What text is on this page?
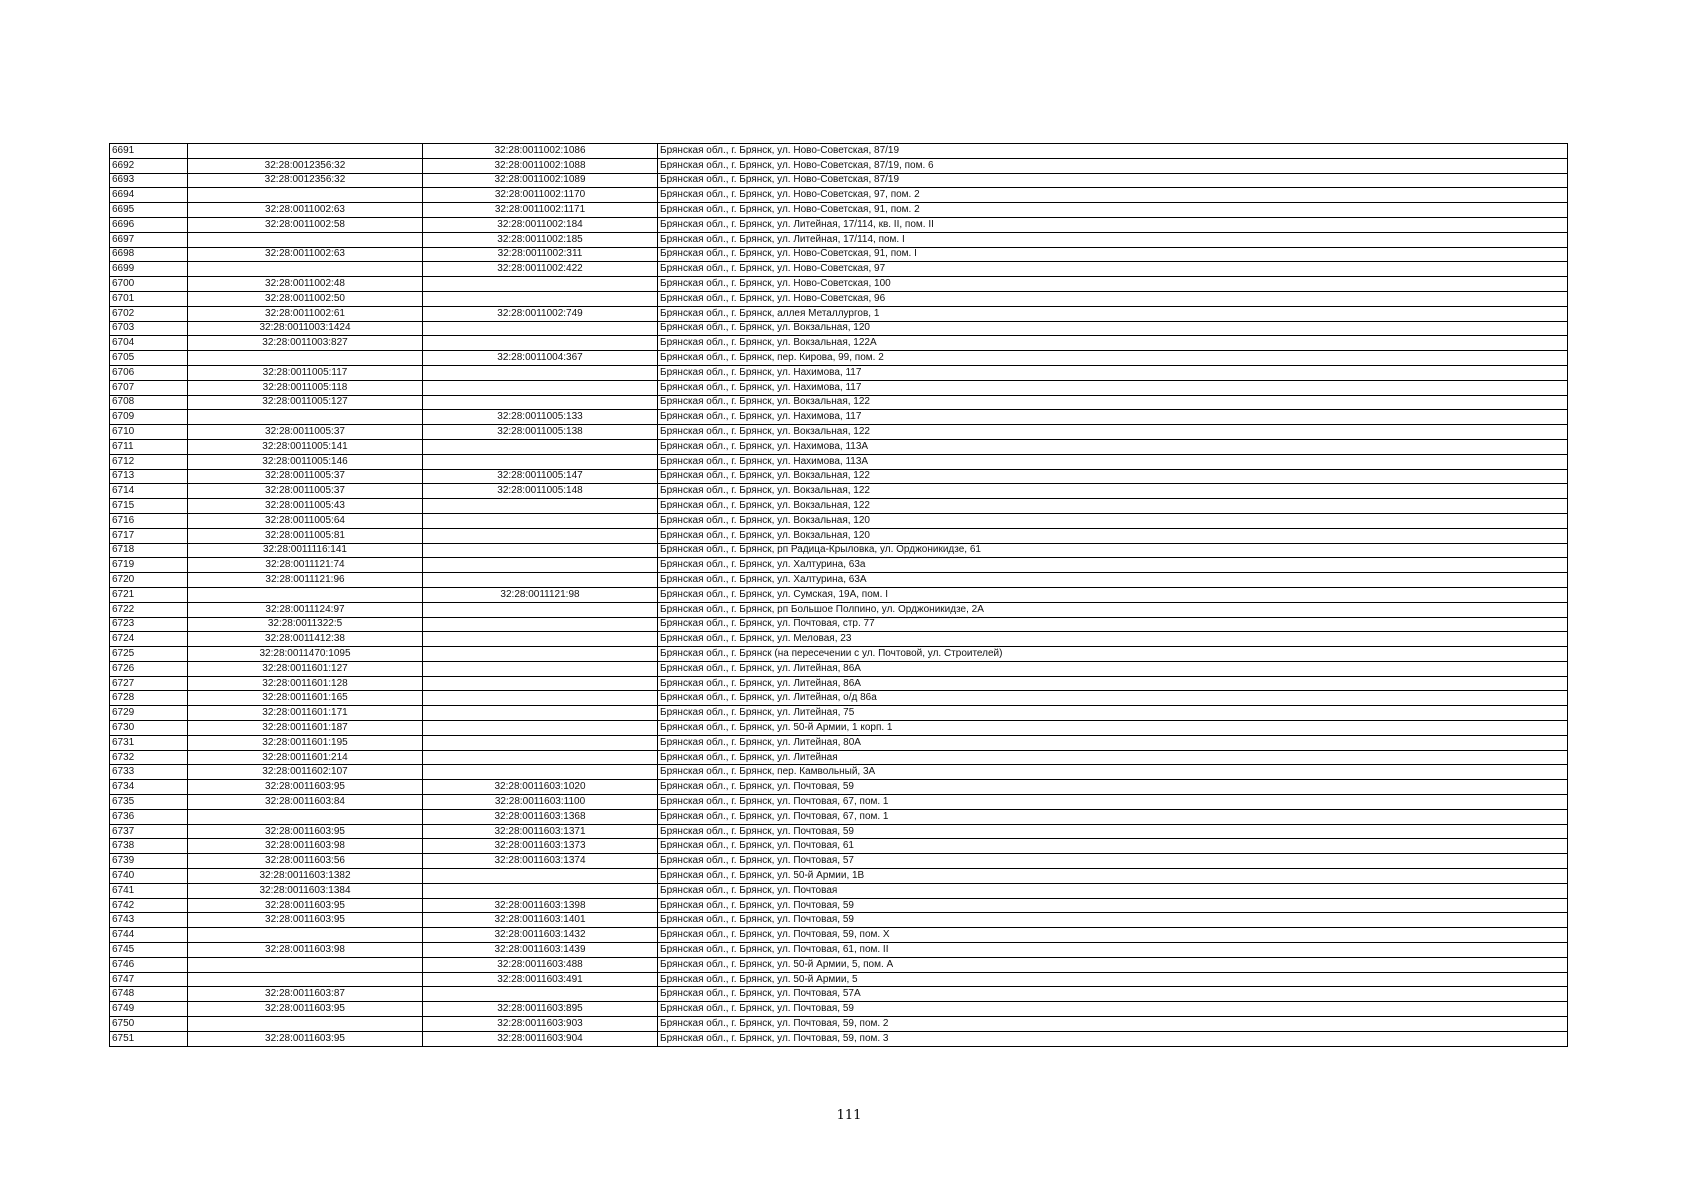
6691		32:28:0011002:1086	Брянская обл., г. Брянск, ул. Ново-Советская, 87/19
6692	32:28:0012356:32	32:28:0011002:1088	Брянская обл., г. Брянск, ул. Ново-Советская, 87/19, пом. 6
6693	32:28:0012356:32	32:28:0011002:1089	Брянская обл., г. Брянск, ул. Ново-Советская, 87/19
6694		32:28:0011002:1170	Брянская обл., г. Брянск, ул. Ново-Советская, 97, пом. 2
6695	32:28:0011002:63	32:28:0011002:1171	Брянская обл., г. Брянск, ул. Ново-Советская, 91, пом. 2
6696	32:28:0011002:58	32:28:0011002:184	Брянская обл., г. Брянск, ул. Литейная, 17/114, кв. II, пом. II
6697		32:28:0011002:185	Брянская обл., г. Брянск, ул. Литейная, 17/114, пом. I
6698	32:28:0011002:63	32:28:0011002:311	Брянская обл., г. Брянск, ул. Ново-Советская, 91, пом. I
6699		32:28:0011002:422	Брянская обл., г. Брянск, ул. Ново-Советская, 97
6700	32:28:0011002:48		Брянская обл., г. Брянск, ул. Ново-Советская, 100
6701	32:28:0011002:50		Брянская обл., г. Брянск, ул. Ново-Советская, 96
6702	32:28:0011002:61	32:28:0011002:749	Брянская обл., г. Брянск, аллея Металлургов, 1
6703	32:28:0011003:1424		Брянская обл., г. Брянск, ул. Вокзальная, 120
6704	32:28:0011003:827		Брянская обл., г. Брянск, ул. Вокзальная, 122А
6705		32:28:0011004:367	Брянская обл., г. Брянск, пер. Кирова, 99, пом. 2
6706	32:28:0011005:117		Брянская обл., г. Брянск, ул. Нахимова, 117
6707	32:28:0011005:118		Брянская обл., г. Брянск, ул. Нахимова, 117
6708	32:28:0011005:127		Брянская обл., г. Брянск, ул. Вокзальная, 122
6709		32:28:0011005:133	Брянская обл., г. Брянск, ул. Нахимова, 117
6710	32:28:0011005:37	32:28:0011005:138	Брянская обл., г. Брянск, ул. Вокзальная, 122
6711	32:28:0011005:141		Брянская обл., г. Брянск, ул. Нахимова, 113А
6712	32:28:0011005:146		Брянская обл., г. Брянск, ул. Нахимова, 113А
6713	32:28:0011005:37	32:28:0011005:147	Брянская обл., г. Брянск, ул. Вокзальная, 122
6714	32:28:0011005:37	32:28:0011005:148	Брянская обл., г. Брянск, ул. Вокзальная, 122
6715	32:28:0011005:43		Брянская обл., г. Брянск, ул. Вокзальная, 122
6716	32:28:0011005:64		Брянская обл., г. Брянск, ул. Вокзальная, 120
6717	32:28:0011005:81		Брянская обл., г. Брянск, ул. Вокзальная, 120
6718	32:28:0011116:141		Брянская обл., г. Брянск, рп Радица-Крыловка, ул. Орджоникидзе, 61
6719	32:28:0011121:74		Брянская обл., г. Брянск, ул. Халтурина, 63а
6720	32:28:0011121:96		Брянская обл., г. Брянск, ул. Халтурина, 63А
6721		32:28:0011121:98	Брянская обл., г. Брянск, ул. Сумская, 19А, пом. I
6722	32:28:0011124:97		Брянская обл., г. Брянск, рп Большое Полпино, ул. Орджоникидзе, 2А
6723	32:28:0011322:5		Брянская обл., г. Брянск, ул. Почтовая, стр. 77
6724	32:28:0011412:38		Брянская обл., г. Брянск, ул. Меловая, 23
6725	32:28:0011470:1095		Брянская обл., г. Брянск (на пересечении с ул. Почтовой, ул. Строителей)
6726	32:28:0011601:127		Брянская обл., г. Брянск, ул. Литейная, 86А
6727	32:28:0011601:128		Брянская обл., г. Брянск, ул. Литейная, 86А
6728	32:28:0011601:165		Брянская обл., г. Брянск, ул. Литейная, о/д 86а
6729	32:28:0011601:171		Брянская обл., г. Брянск, ул. Литейная, 75
6730	32:28:0011601:187		Брянская обл., г. Брянск, ул. 50-й Армии, 1 корп. 1
6731	32:28:0011601:195		Брянская обл., г. Брянск, ул. Литейная, 80А
6732	32:28:0011601:214		Брянская обл., г. Брянск, ул. Литейная
6733	32:28:0011602:107		Брянская обл., г. Брянск, пер. Камвольный, 3А
6734	32:28:0011603:95	32:28:0011603:1020	Брянская обл., г. Брянск, ул. Почтовая, 59
6735	32:28:0011603:84	32:28:0011603:1100	Брянская обл., г. Брянск, ул. Почтовая, 67, пом. 1
6736		32:28:0011603:1368	Брянская обл., г. Брянск, ул. Почтовая, 67, пом. 1
6737	32:28:0011603:95	32:28:0011603:1371	Брянская обл., г. Брянск, ул. Почтовая, 59
6738	32:28:0011603:98	32:28:0011603:1373	Брянская обл., г. Брянск, ул. Почтовая, 61
6739	32:28:0011603:56	32:28:0011603:1374	Брянская обл., г. Брянск, ул. Почтовая, 57
6740	32:28:0011603:1382		Брянская обл., г. Брянск, ул. 50-й Армии, 1В
6741	32:28:0011603:1384		Брянская обл., г. Брянск, ул. Почтовая
6742	32:28:0011603:95	32:28:0011603:1398	Брянская обл., г. Брянск, ул. Почтовая, 59
6743	32:28:0011603:95	32:28:0011603:1401	Брянская обл., г. Брянск, ул. Почтовая, 59
6744		32:28:0011603:1432	Брянская обл., г. Брянск, ул. Почтовая, 59, пом. X
6745	32:28:0011603:98	32:28:0011603:1439	Брянская обл., г. Брянск, ул. Почтовая, 61, пом. II
6746		32:28:0011603:488	Брянская обл., г. Брянск, ул. 50-й Армии, 5, пом. А
6747		32:28:0011603:491	Брянская обл., г. Брянск, ул. 50-й Армии, 5
6748	32:28:0011603:87		Брянская обл., г. Брянск, ул. Почтовая, 57А
6749	32:28:0011603:95	32:28:0011603:895	Брянская обл., г. Брянск, ул. Почтовая, 59
6750		32:28:0011603:903	Брянская обл., г. Брянск, ул. Почтовая, 59, пом. 2
6751	32:28:0011603:95	32:28:0011603:904	Брянская обл., г. Брянск, ул. Почтовая, 59, пом. 3
111
